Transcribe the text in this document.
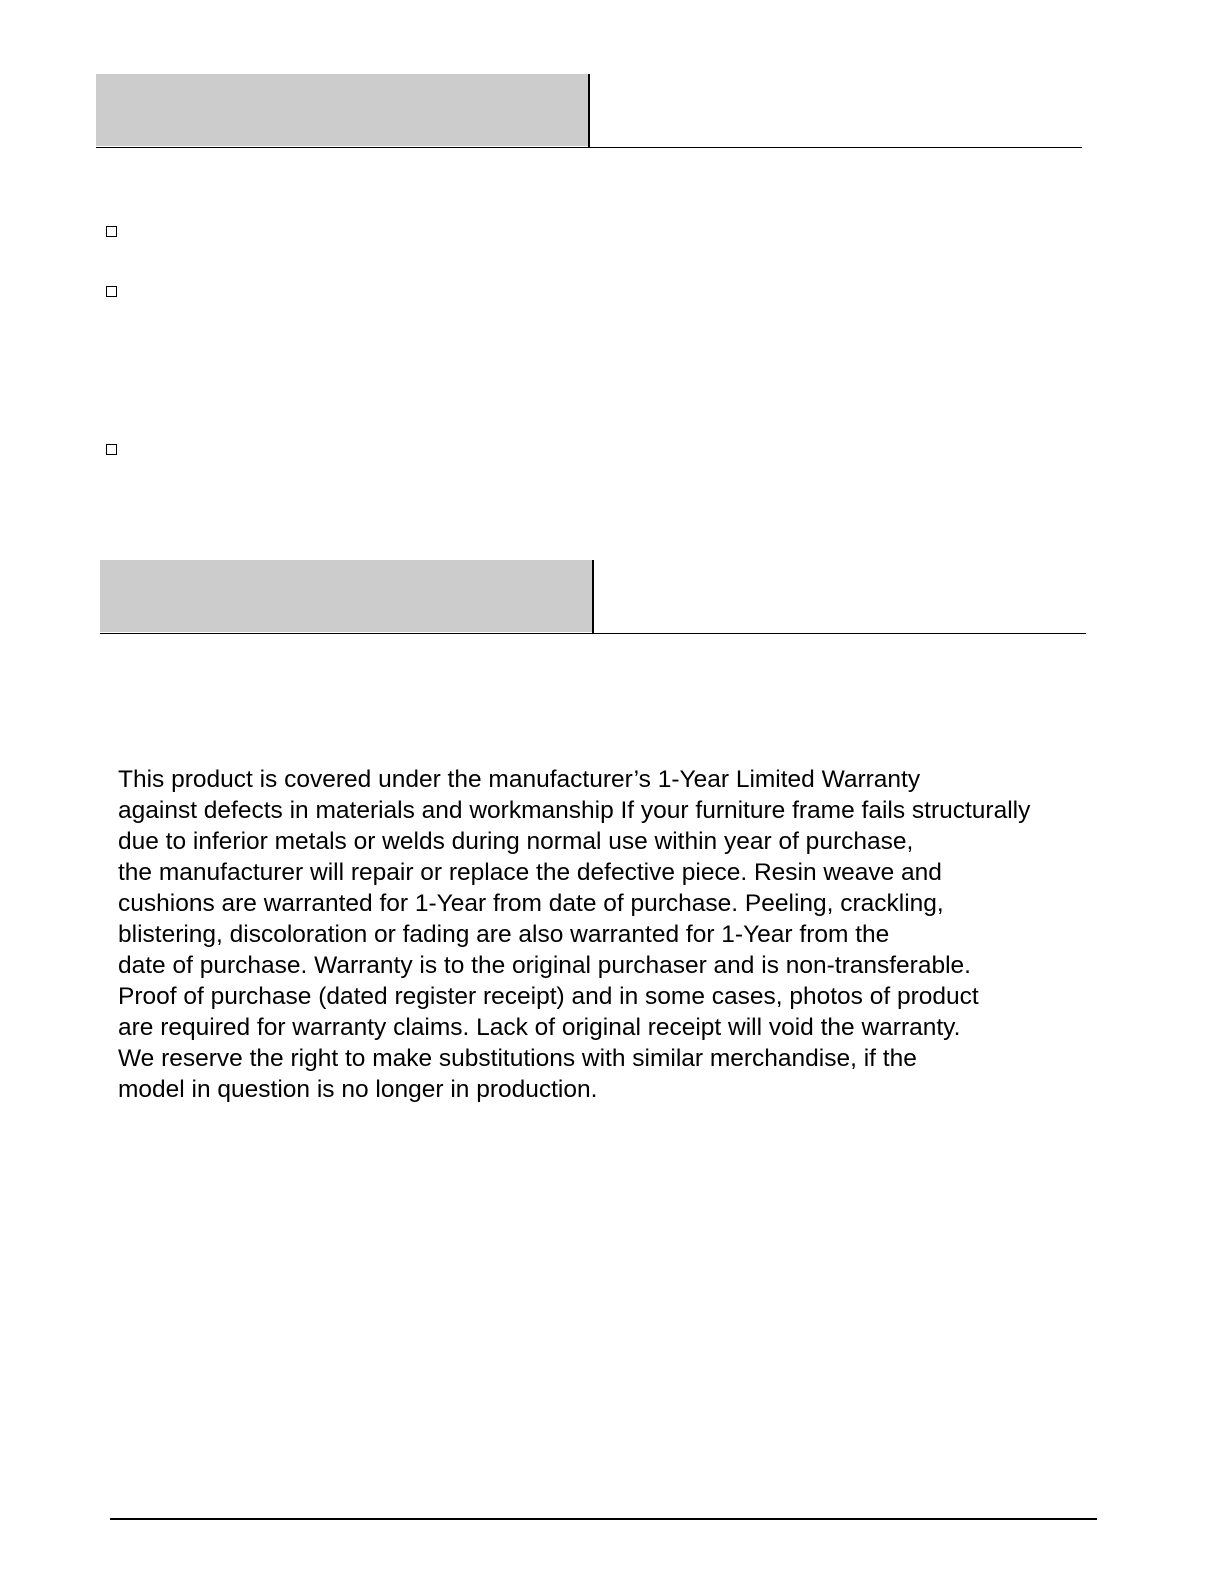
This product is covered under the manufacturer’s 1-Year Limited Warranty
against defects in materials and workmanship If your furniture frame fails structurally
due to inferior metals or welds during normal use within year of purchase,
the manufacturer will repair or replace the defective piece. Resin weave and
cushions are warranted for 1-Year from date of purchase. Peeling, crackling,
blistering, discoloration or fading are also warranted for 1-Year from the
date of purchase. Warranty is to the original purchaser and is non-transferable.
Proof of purchase (dated register receipt) and in some cases, photos of product
are required for warranty claims. Lack of original receipt will void the warranty.
We reserve the right to make substitutions with similar merchandise, if the
model in question is no longer in production.
